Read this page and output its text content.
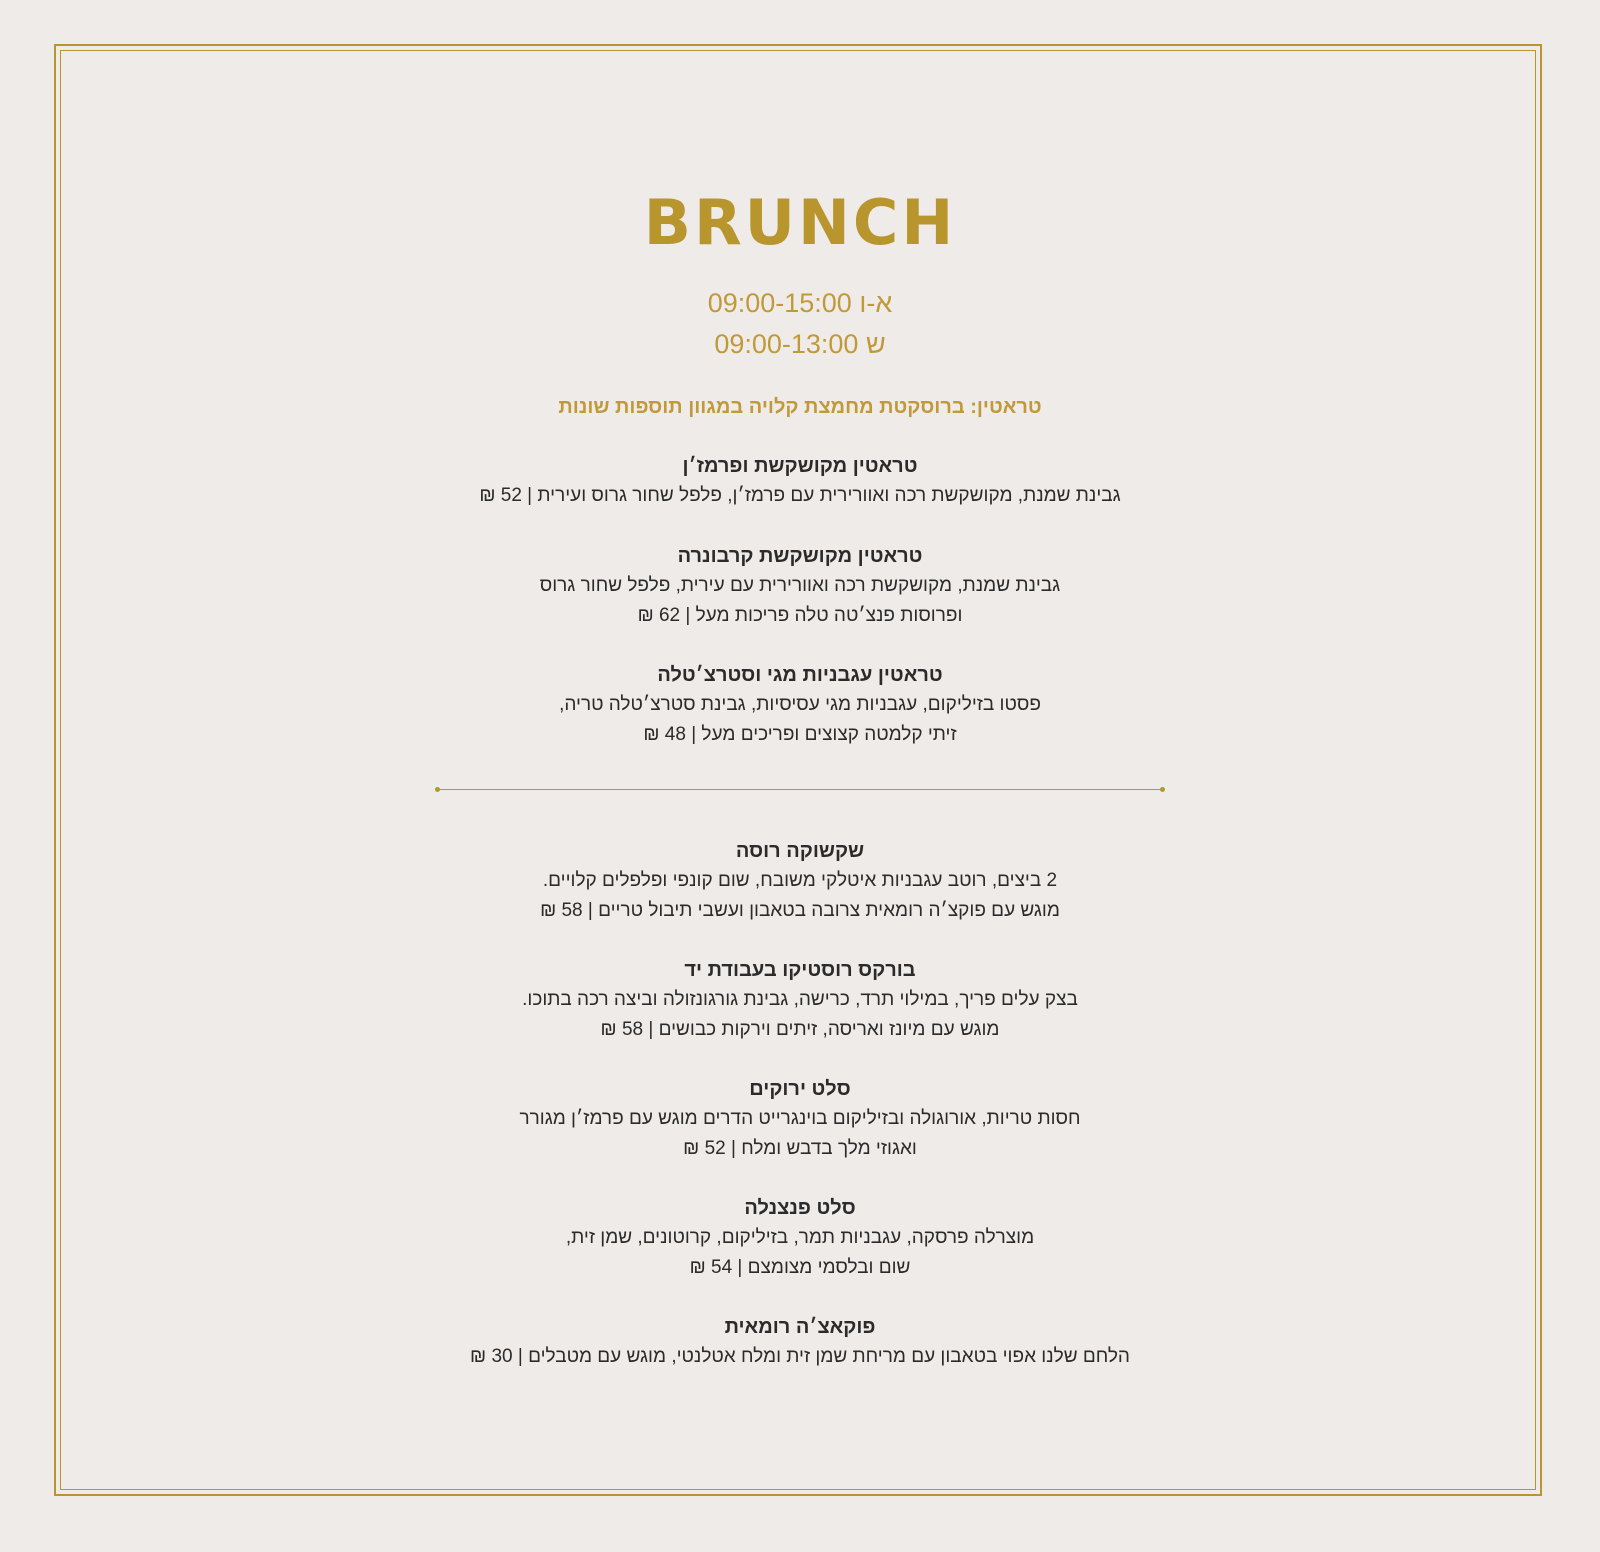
BRUNCH
א-ו 09:00-15:00
ש 09:00-13:00
טראטין: ברוסקטת מחמצת קלויה במגוון תוספות שונות
טראטין מקושקשת ופרמז׳ן
גבינת שמנת, מקושקשת רכה ואוורירית עם פרמז׳ן, פלפל שחור גרוס ועירית | 52 ₪
טראטין מקושקשת קרבונרה
גבינת שמנת, מקושקשת רכה ואוורירית עם עירית, פלפל שחור גרוס
ופרוסות פנצ׳טה טלה פריכות מעל | 62 ₪
טראטין עגבניות מגי וסטרצ׳טלה
פסטו בזיליקום, עגבניות מגי עסיסיות, גבינת סטרצ׳טלה טריה,
זיתי קלמטה קצוצים ופריכים מעל | 48 ₪
שקשוקה רוסה
2 ביצים, רוטב עגבניות איטלקי משובח, שום קונפי ופלפלים קלויים.
מוגש עם פוקצ׳ה רומאית צרובה בטאבון ועשבי תיבול טריים | 58 ₪
בורקס רוסטיקו בעבודת יד
בצק עלים פריך, במילוי תרד, כרישה, גבינת גורגונזולה וביצה רכה בתוכו.
מוגש עם מיונז ואריסה, זיתים וירקות כבושים | 58 ₪
סלט ירוקים
חסות טריות, אורוגולה ובזיליקום בוינגרייט הדרים מוגש עם פרמז׳ן מגורר
ואגוזי מלך בדבש ומלח | 52 ₪
סלט פנצנלה
מוצרלה פרסקה, עגבניות תמר, בזיליקום, קרוטונים, שמן זית,
שום ובלסמי מצומצם | 54 ₪
פוקאצ׳ה רומאית
הלחם שלנו אפוי בטאבון עם מריחת שמן זית ומלח אטלנטי, מוגש עם מטבלים | 30 ₪
